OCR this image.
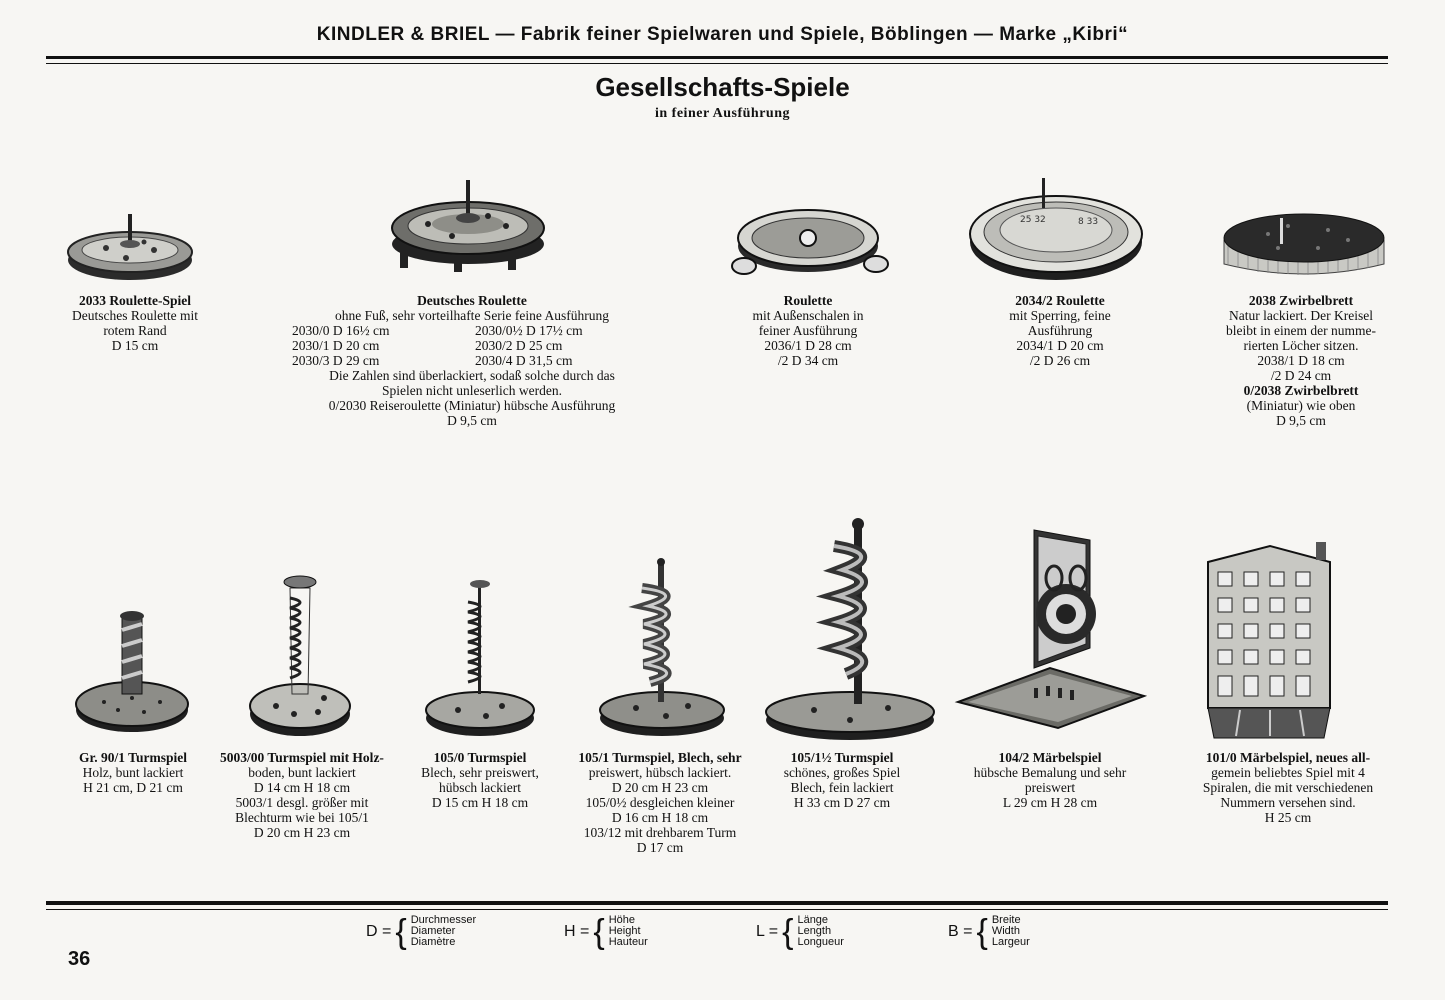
KINDLER & BRIEL — Fabrik feiner Spielwaren und Spiele, Böblingen — Marke „Kibri“
Gesellschafts-Spiele
in feiner Ausführung
25 32	8 33
2033 Roulette-Spiel
Deutsches Roulette mit
rotem Rand
D 15 cm
Deutsches Roulette
ohne Fuß, sehr vorteilhafte Serie feine Ausführung
2030/0 D 16½ cm	2030/0½ D 17½ cm
2030/1 D 20 cm	2030/2 D 25 cm
2030/3 D 29 cm	2030/4 D 31,5 cm
Die Zahlen sind überlackiert, sodaß solche durch das
Spielen nicht unleserlich werden.
0/2030 Reiseroulette (Miniatur) hübsche Ausführung
D 9,5 cm
Roulette
mit Außenschalen in
feiner Ausführung
2036/1 D 28 cm
/2 D 34 cm
2034/2 Roulette
mit Sperring, feine
Ausführung
2034/1 D 20 cm
/2 D 26 cm
2038 Zwirbelbrett
Natur lackiert. Der Kreisel
bleibt in einem der numme-
rierten Löcher sitzen.
2038/1 D 18 cm
/2 D 24 cm
0/2038 Zwirbelbrett
(Miniatur) wie oben
D 9,5 cm
Gr. 90/1 Turmspiel
Holz, bunt lackiert
H 21 cm, D 21 cm
5003/00 Turmspiel mit Holz-
boden, bunt lackiert
D 14 cm H 18 cm
5003/1 desgl. größer mit
Blechturm wie bei 105/1
D 20 cm H 23 cm
105/0 Turmspiel
Blech, sehr preiswert,
hübsch lackiert
D 15 cm H 18 cm
105/1 Turmspiel, Blech, sehr
preiswert, hübsch lackiert.
D 20 cm H 23 cm
105/0½ desgleichen kleiner
D 16 cm H 18 cm
103/12 mit drehbarem Turm
D 17 cm
105/1½ Turmspiel
schönes, großes Spiel
Blech, fein lackiert
H 33 cm D 27 cm
104/2 Märbelspiel
hübsche Bemalung und sehr
preiswert
L 29 cm H 28 cm
101/0 Märbelspiel, neues all-
gemein beliebtes Spiel mit 4
Spiralen, die mit verschiedenen
Nummern versehen sind.
H 25 cm
D = { Durchmesser
Diameter
Diamètre
H = { Höhe
Height
Hauteur
L = { Länge
Length
Longueur
B = { Breite
Width
Largeur
36
